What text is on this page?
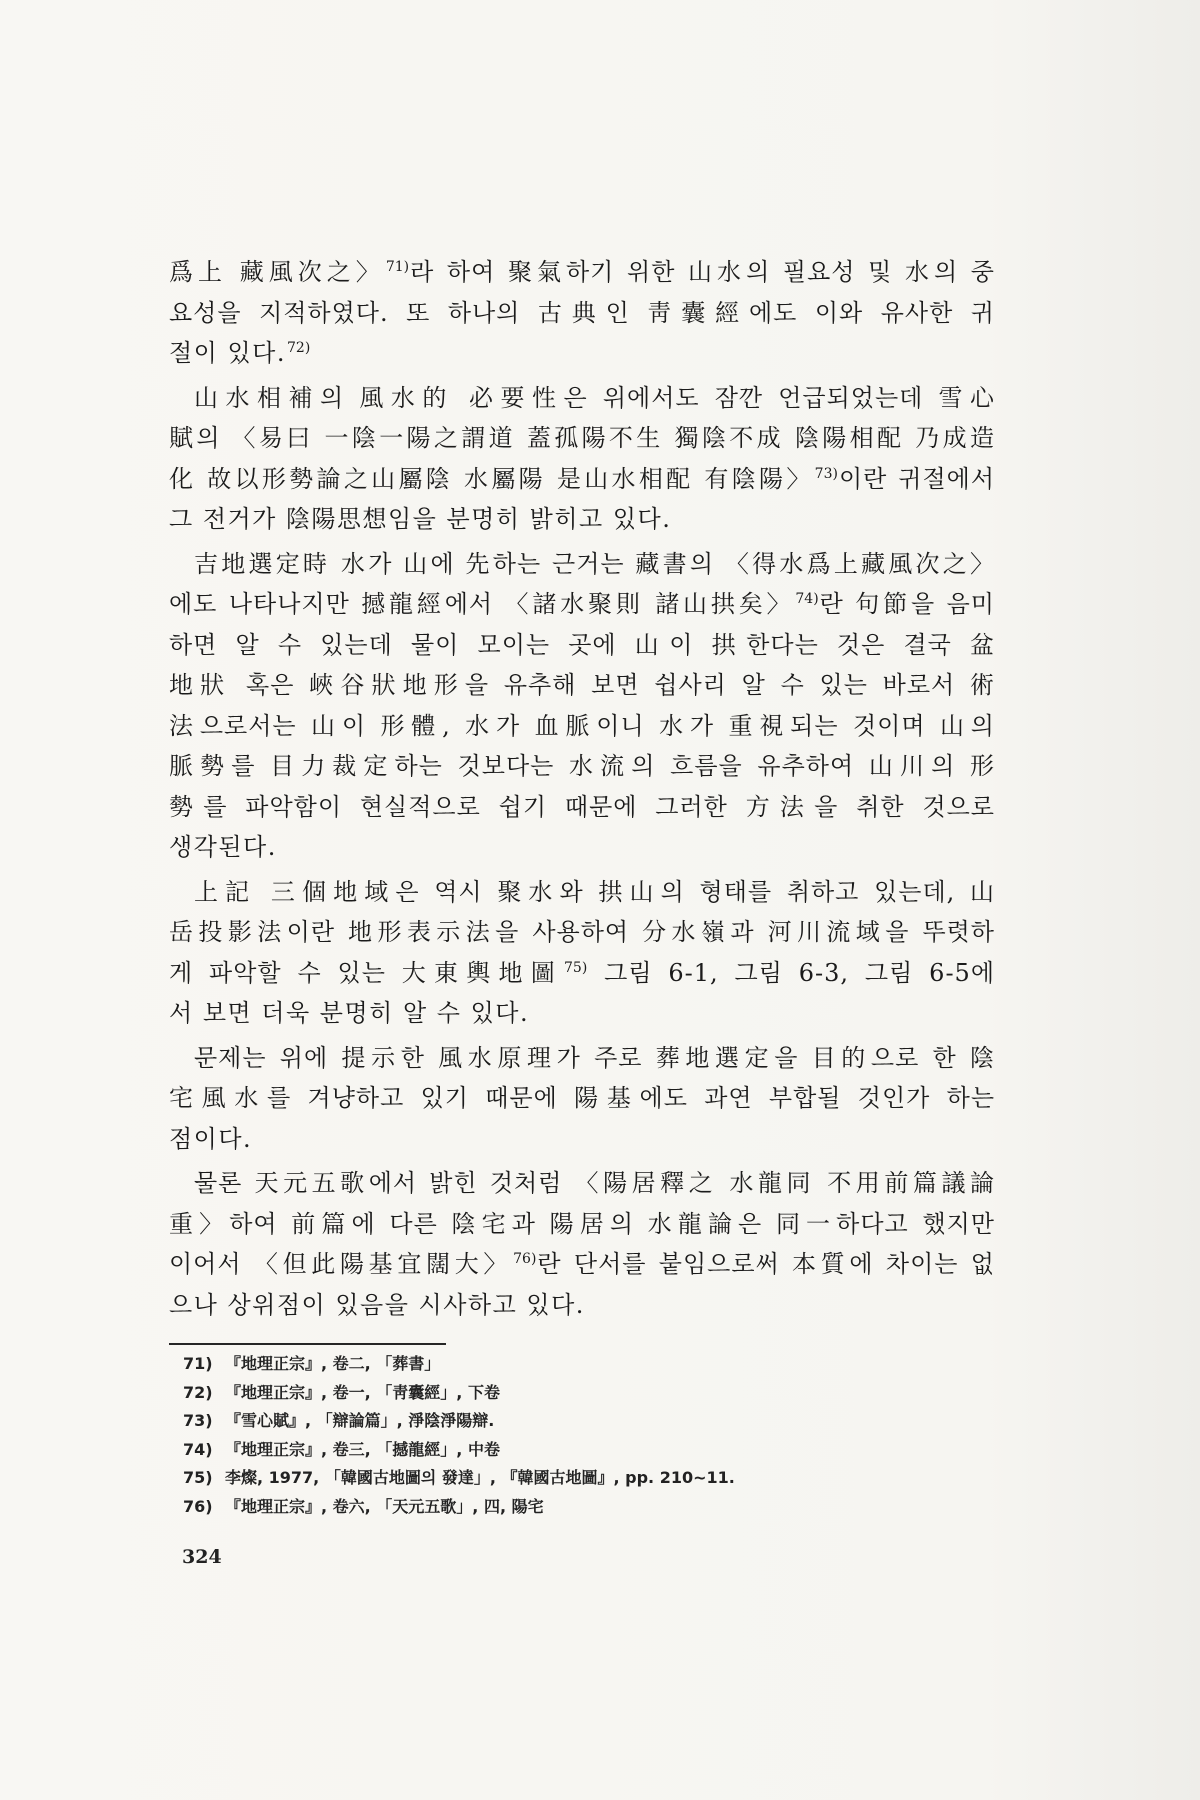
爲上 藏風次之〉$^{71)}$라 하여 聚氣하기 위한 山水의 필요성 및 水의 중
요성을 지적하였다. 또 하나의 古典인 靑囊經에도 이와 유사한 귀
절이 있다.$^{72)}$
山水相補의 風水的 必要性은 위에서도 잠깐 언급되었는데 雪心
賦의 〈易曰 一陰一陽之謂道 蓋孤陽不生 獨陰不成 陰陽相配 乃成造
化 故以形勢論之山屬陰 水屬陽 是山水相配 有陰陽〉$^{73)}$이란 귀절에서
그 전거가 陰陽思想임을 분명히 밝히고 있다.
吉地選定時 水가 山에 先하는 근거는 藏書의 〈得水爲上藏風次之〉
에도 나타나지만 撼龍經에서 〈諸水聚則 諸山拱矣〉$^{74)}$란 句節을 음미
하면 알 수 있는데 물이 모이는 곳에 山이 拱한다는 것은 결국 盆
地狀 혹은 峽谷狀地形을 유추해 보면 쉽사리 알 수 있는 바로서 術
法으로서는 山이 形體, 水가 血脈이니 水가 重視되는 것이며 山의
脈勢를 目力裁定하는 것보다는 水流의 흐름을 유추하여 山川의 形
勢를 파악함이 현실적으로 쉽기 때문에 그러한 方法을 취한 것으로
생각된다.
上記 三個地域은 역시 聚水와 拱山의 형태를 취하고 있는데, 山
岳投影法이란 地形表示法을 사용하여 分水嶺과 河川流域을 뚜렷하
게 파악할 수 있는 大東輿地圖$^{75)}$ 그림 6-1, 그림 6-3, 그림 6-5에
서 보면 더욱 분명히 알 수 있다.
문제는 위에 提示한 風水原理가 주로 葬地選定을 目的으로 한 陰
宅風水를 겨냥하고 있기 때문에 陽基에도 과연 부합될 것인가 하는
점이다.
물론 天元五歌에서 밝힌 것처럼 〈陽居釋之 水龍同 不用前篇議論
重〉하여 前篇에 다른 陰宅과 陽居의 水龍論은 同一하다고 했지만
이어서 〈但此陽基宜闊大〉$^{76)}$란 단서를 붙임으로써 本質에 차이는 없
으나 상위점이 있음을 시사하고 있다.
71) 『地理正宗』, 卷二, 「葬書」
72) 『地理正宗』, 卷一, 「靑囊經」, 下卷
73) 『雪心賦』, 「辯論篇」, 淨陰淨陽辯.
74) 『地理正宗』, 卷三, 「撼龍經」, 中卷
75) 李燦, 1977, 「韓國古地圖의 發達」, 『韓國古地圖』, pp. 210~11.
76) 『地理正宗』, 卷六, 「天元五歌」, 四, 陽宅
324
